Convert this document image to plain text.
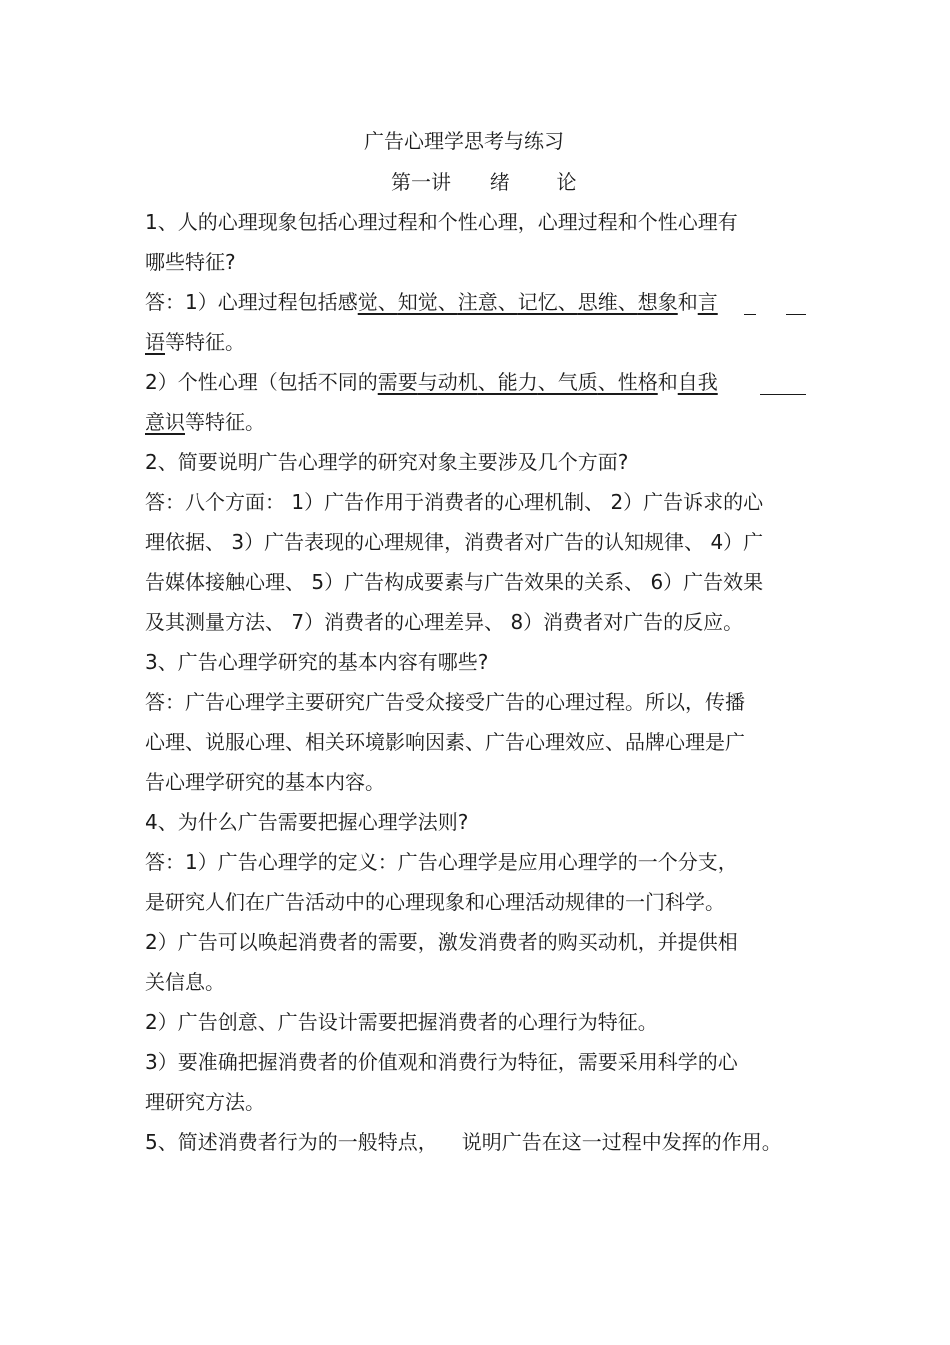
广告心理学思考与练习
第一讲 绪 论
1、人的心理现象包括心理过程和个性心理，心理过程和个性心理有
哪些特征?
答：1）心理过程包括感觉、知觉、注意、记忆、思维、想象和言
语等特征。
2）个性心理（包括不同的需要与动机、能力、气质、性格和自我
意识等特征。
2、简要说明广告心理学的研究对象主要涉及几个方面?
答：八个方面： 1）广告作用于消费者的心理机制、 2）广告诉求的心
理依据、 3）广告表现的心理规律，消费者对广告的认知规律、 4）广
告媒体接触心理、 5）广告构成要素与广告效果的关系、 6）广告效果
及其测量方法、 7）消费者的心理差异、 8）消费者对广告的反应。
3、广告心理学研究的基本内容有哪些?
答：广告心理学主要研究广告受众接受广告的心理过程。所以，传播
心理、说服心理、相关环境影响因素、广告心理效应、品牌心理是广
告心理学研究的基本内容。
4、为什么广告需要把握心理学法则?
答：1）广告心理学的定义：广告心理学是应用心理学的一个分支，
是研究人们在广告活动中的心理现象和心理活动规律的一门科学。
2）广告可以唤起消费者的需要，激发消费者的购买动机，并提供相
关信息。
2）广告创意、广告设计需要把握消费者的心理行为特征。
3）要准确把握消费者的价值观和消费行为特征，需要采用科学的心
理研究方法。
5、简述消费者行为的一般特点， 说明广告在这一过程中发挥的作用。
